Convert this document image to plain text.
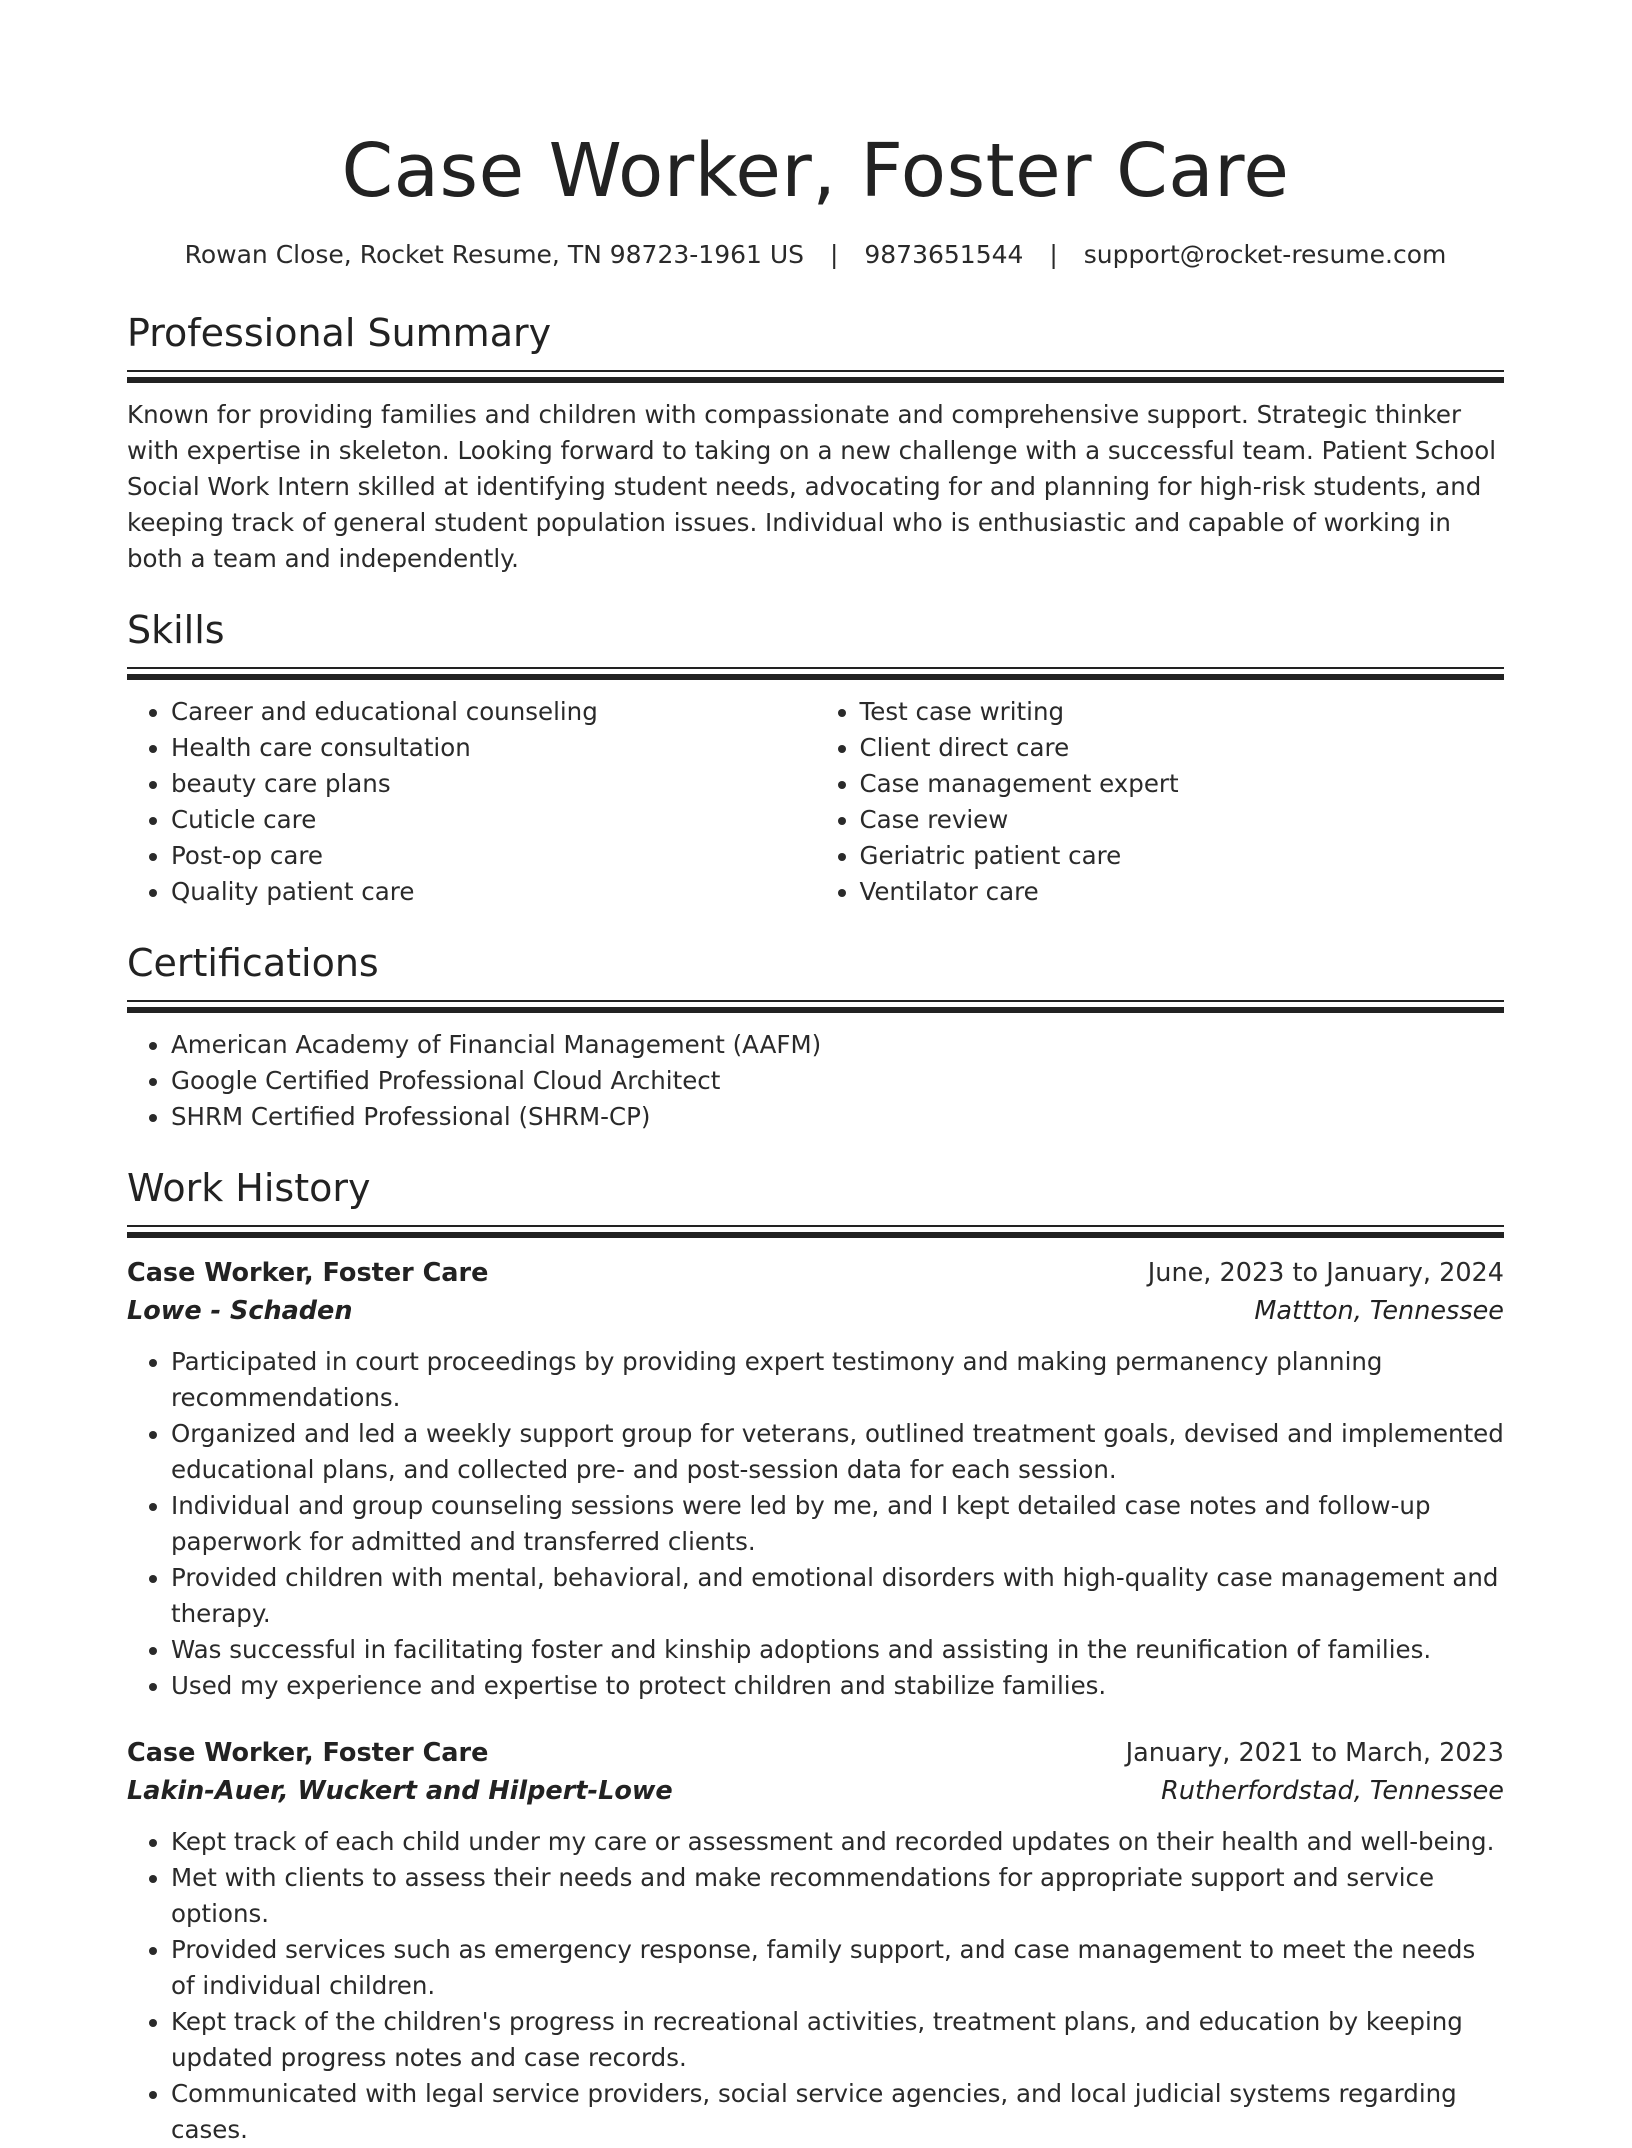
Case Worker, Foster Care
Rowan Close, Rocket Resume, TN 98723-1961 US | 9873651544 | support@rocket-resume.com
Professional Summary

Known for providing families and children with compassionate and comprehensive support. Strategic thinker with expertise in skeleton. Looking forward to taking on a new challenge with a successful team. Patient School Social Work Intern skilled at identifying student needs, advocating for and planning for high-risk students, and keeping track of general student population issues. Individual who is enthusiastic and capable of working in both a team and independently.

Skills
• Career and educational counseling
• Health care consultation
• beauty care plans
• Cuticle care
• Post-op care
• Quality patient care
• Test case writing
• Client direct care
• Case management expert
• Case review
• Geriatric patient care
• Ventilator care
Certifications
• American Academy of Financial Management (AAFM)
• Google Certified Professional Cloud Architect
• SHRM Certified Professional (SHRM-CP)
Work History
Case Worker, Foster Care	June, 2023 to January, 2024
Lowe - Schaden	Mattton, Tennessee
• Participated in court proceedings by providing expert testimony and making permanency planning recommendations.
• Organized and led a weekly support group for veterans, outlined treatment goals, devised and implemented educational plans, and collected pre- and post-session data for each session.
• Individual and group counseling sessions were led by me, and I kept detailed case notes and follow-up paperwork for admitted and transferred clients.
• Provided children with mental, behavioral, and emotional disorders with high-quality case management and therapy.
• Was successful in facilitating foster and kinship adoptions and assisting in the reunification of families.
• Used my experience and expertise to protect children and stabilize families.
Case Worker, Foster Care	January, 2021 to March, 2023
Lakin-Auer, Wuckert and Hilpert-Lowe	Rutherfordstad, Tennessee
• Kept track of each child under my care or assessment and recorded updates on their health and well-being.
• Met with clients to assess their needs and make recommendations for appropriate support and service options.
• Provided services such as emergency response, family support, and case management to meet the needs of individual children.
• Kept track of the children's progress in recreational activities, treatment plans, and education by keeping updated progress notes and case records.
• Communicated with legal service providers, social service agencies, and local judicial systems regarding cases.
